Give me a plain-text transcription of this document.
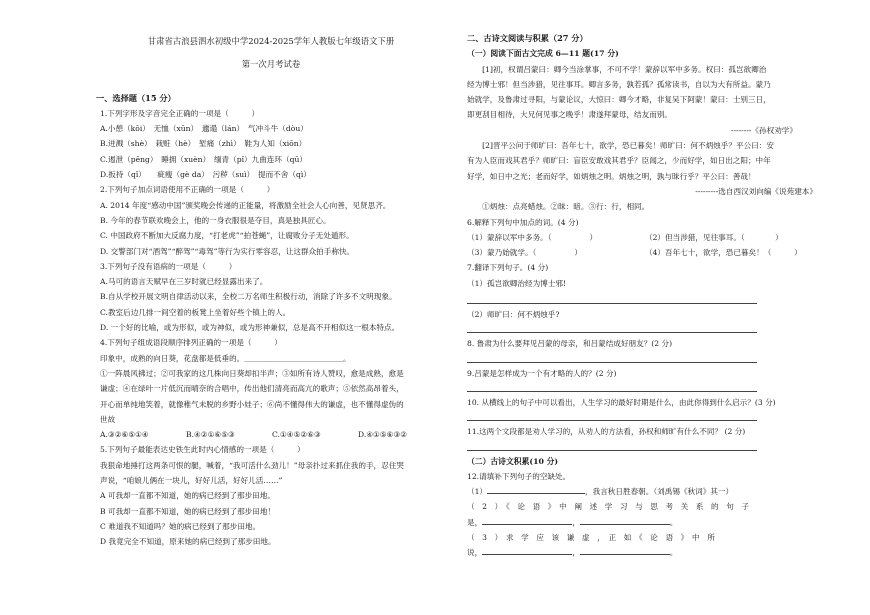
甘肃省古浪县泗水初级中学2024-2025学年人教版七年级语文下册
第一次月考试卷
一、选择题（15 分）
1.下列字形及字音完全正确的一项是（　　　）
A.小憩（kōi）　无恤（xūn）　邋遢（lán）　气冲斗牛（dòu）
B.迸溅（shè）　栽赃（hè）　堑痛（zhì）　鞋为人知（xiōn）
C.遏泄（pēng）　睡拥（xuèn）　缅青（pǐ）九曲连环（qū）
D.扳持（qǐ）　　疵瘦（gè da）　污秽（suì）　提而不舍（qì）
2.下列句子加点词语使用不正确的一项是（　　　）
A. 2014 年度“感动中国”颁奖晚会传递的正能量，将激励全社会人心向善，见贤思齐。
B. 今年的春节联欢晚会上，他的一身衣服很是夺目，真是独具匠心。
C. 中国政府不断加大反腐力度，“打老虎”“拍苍蝇”，让腐败分子无处遁形。
D. 交警部门对“酒驾”“醉驾”“毒驾”等行为实行零容忍，让这群众拍手称快。
3.下列句子没有语病的一项是（　　　）
A.马可的语言天赋早在三岁时就已经显露出来了。
B.自从学校开展文明自律活动以来，全校二万名师生积极行动，消除了许多不文明现象。
C.教室后边几排一间空着的板凳上坐着好些个镇上的人。
D. 一个好的比喻，或为形似，或为神似，或为形神兼似，总是高不开相似这一根本特点。
4.下列句子组成语段顺序排列正确的一项是（　　　）
印象中，成熟的向日葵，花盘都是低垂的。＿＿＿＿＿＿＿＿＿＿＿＿＿。
①一阵晨风拂过；②可我家的这几株向日葵却扣半声；③如所有诗人赞叹，愈是成熟，愈是
谦虚；④在绿叶一片低沉而晴奈的合唱中，传出他们清亮而高亢的歌声；⑤依然高昂着头，
开心而单纯地笑着，就像稚气未脱的乡野小娃子；⑥尚不懂得伟大的谦虚，也不懂得虚伪的
世故
A.③②⑥⑤①④	B.④②①⑥⑤③	C.①④⑤②⑥③	D.④①⑤⑥③②
5.下列句子最能表达史铁生此时内心情感的一项是（　　　）
我狠命地捶打这两条可恨的腿，喊着，“我可活什么劲儿！”母亲扑过来抓住我的手，忍住哭
声说，“咱娘儿俩在一块儿，好好儿活，好好儿活……”
A 可我却一直都不知道，她的病已经到了那步田地。
B 可我却一直都不知道，她的病已经到了那步田地！
C 难道我不知道吗？她的病已经到了那步田地。
D 我竟完全不知道，原来她的病已经到了那步田地。
二、古诗文阅读与积累（27 分）
（一）阅读下面古文完成 6—11 题(17 分)
　　[1]初，权谓吕蒙曰：卿今当涂掌事，不可不学！蒙辞以军中多务。权曰：孤岂欲卿治
经为博士邪！但当涉猎，见往事耳。卿言多务，孰若孤？孤常读书，自以为大有所益。蒙乃
始就学，及鲁肃过寻阳，与蒙论议，大惊曰：卿今才略，非复吴下阿蒙！蒙曰：士别三日，
即更刮目相待，大兄何见事之晚乎！肃遂拜蒙母，结友而别。
--------《孙权劝学》
　　[2]晋平公问于师旷曰：吾年七十，欲学，恐已暮矣！师旷曰：何不炳烛乎？平公曰：安
有为人臣而戏其君乎？师旷曰：盲臣安敢戏其君乎？臣闻之，少而好学，如日出之阳；中年
好学，如日中之光；老而好学，如炳烛之明。炳烛之明，孰与昧行乎？平公曰：善哉！
---------选自西汉刘向编《说苑建本》
　　①炳烛：点亮蜡烛。②昧：暗。③行：行，相同。
6.解释下列句中加点的词。(4 分)
（1）蒙辞以军中多务。（　　　　　）	（2）但当涉猎，见往事耳。（　　　　）
（3）蒙乃始就学。（　　　　　）	（4）吾年七十，欲学，恐已暮矣！（　　　）
7.翻译下列句子。(4 分)
（1）孤岂欲卿治经为博士邪!
（2）师旷曰：何不炳烛乎?
8. 鲁肃为什么要拜见吕蒙的母亲，和吕蒙结成好朋友？(2 分)
9.吕蒙是怎样成为一个有才略的人的？(2 分)
10. 从横线上的句子中可以看出，人生学习的最好时期是什么，由此你得到什么启示？(3 分)
11.这两个文段都是劝人学习的，从劝人的方法看，孙权和师旷有什么不同？ (2 分)
（二）古诗文积累(10 分)
12.请填补下列句子的空缺处。
（1）	，我言秋日胜春朝。（刘禹锡《秋词》其一）
（　2　）　《　论　语　》　中　阐　述　学　习　与　思　考　关　系　的　句　子
是，	，	。
（　3　）　求　学　应　该　谦　虚　，　正　如　《　论　语　》　中　所
说，	，	。
